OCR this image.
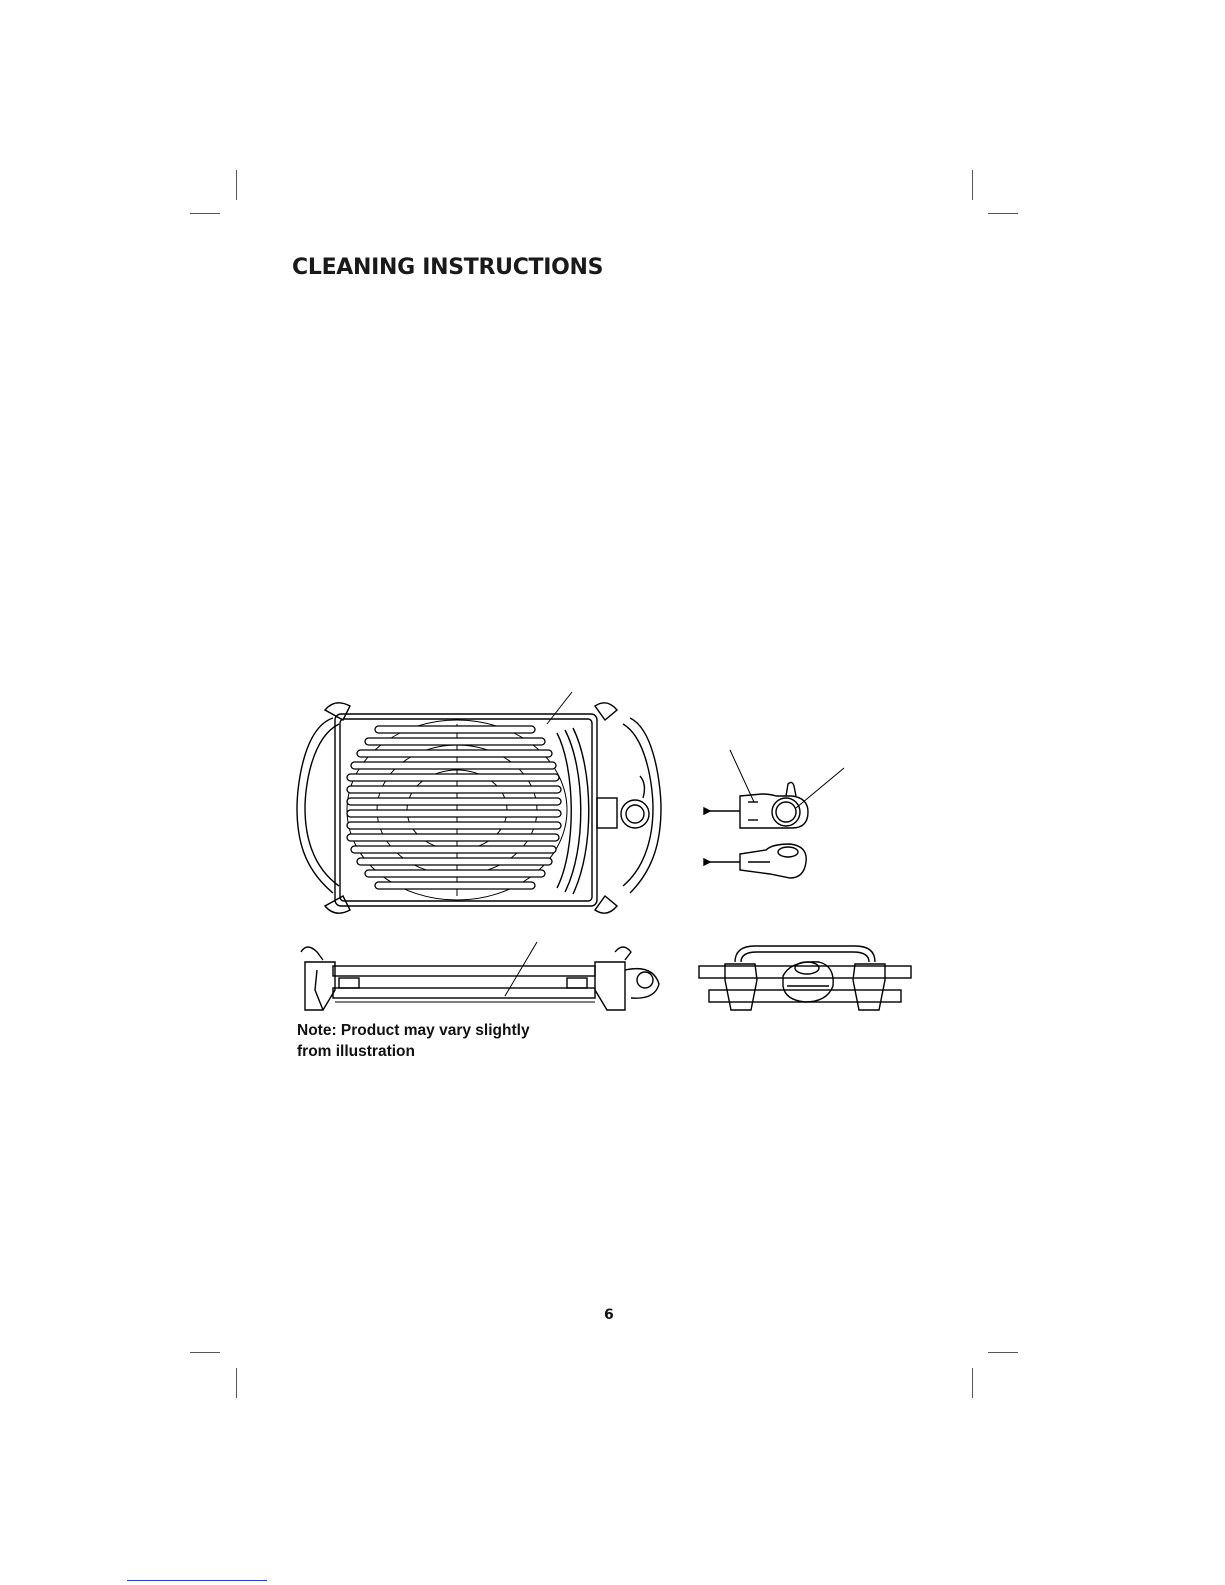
CLEANING INSTRUCTIONS
Note: Product may vary slightly
from illustration
6
